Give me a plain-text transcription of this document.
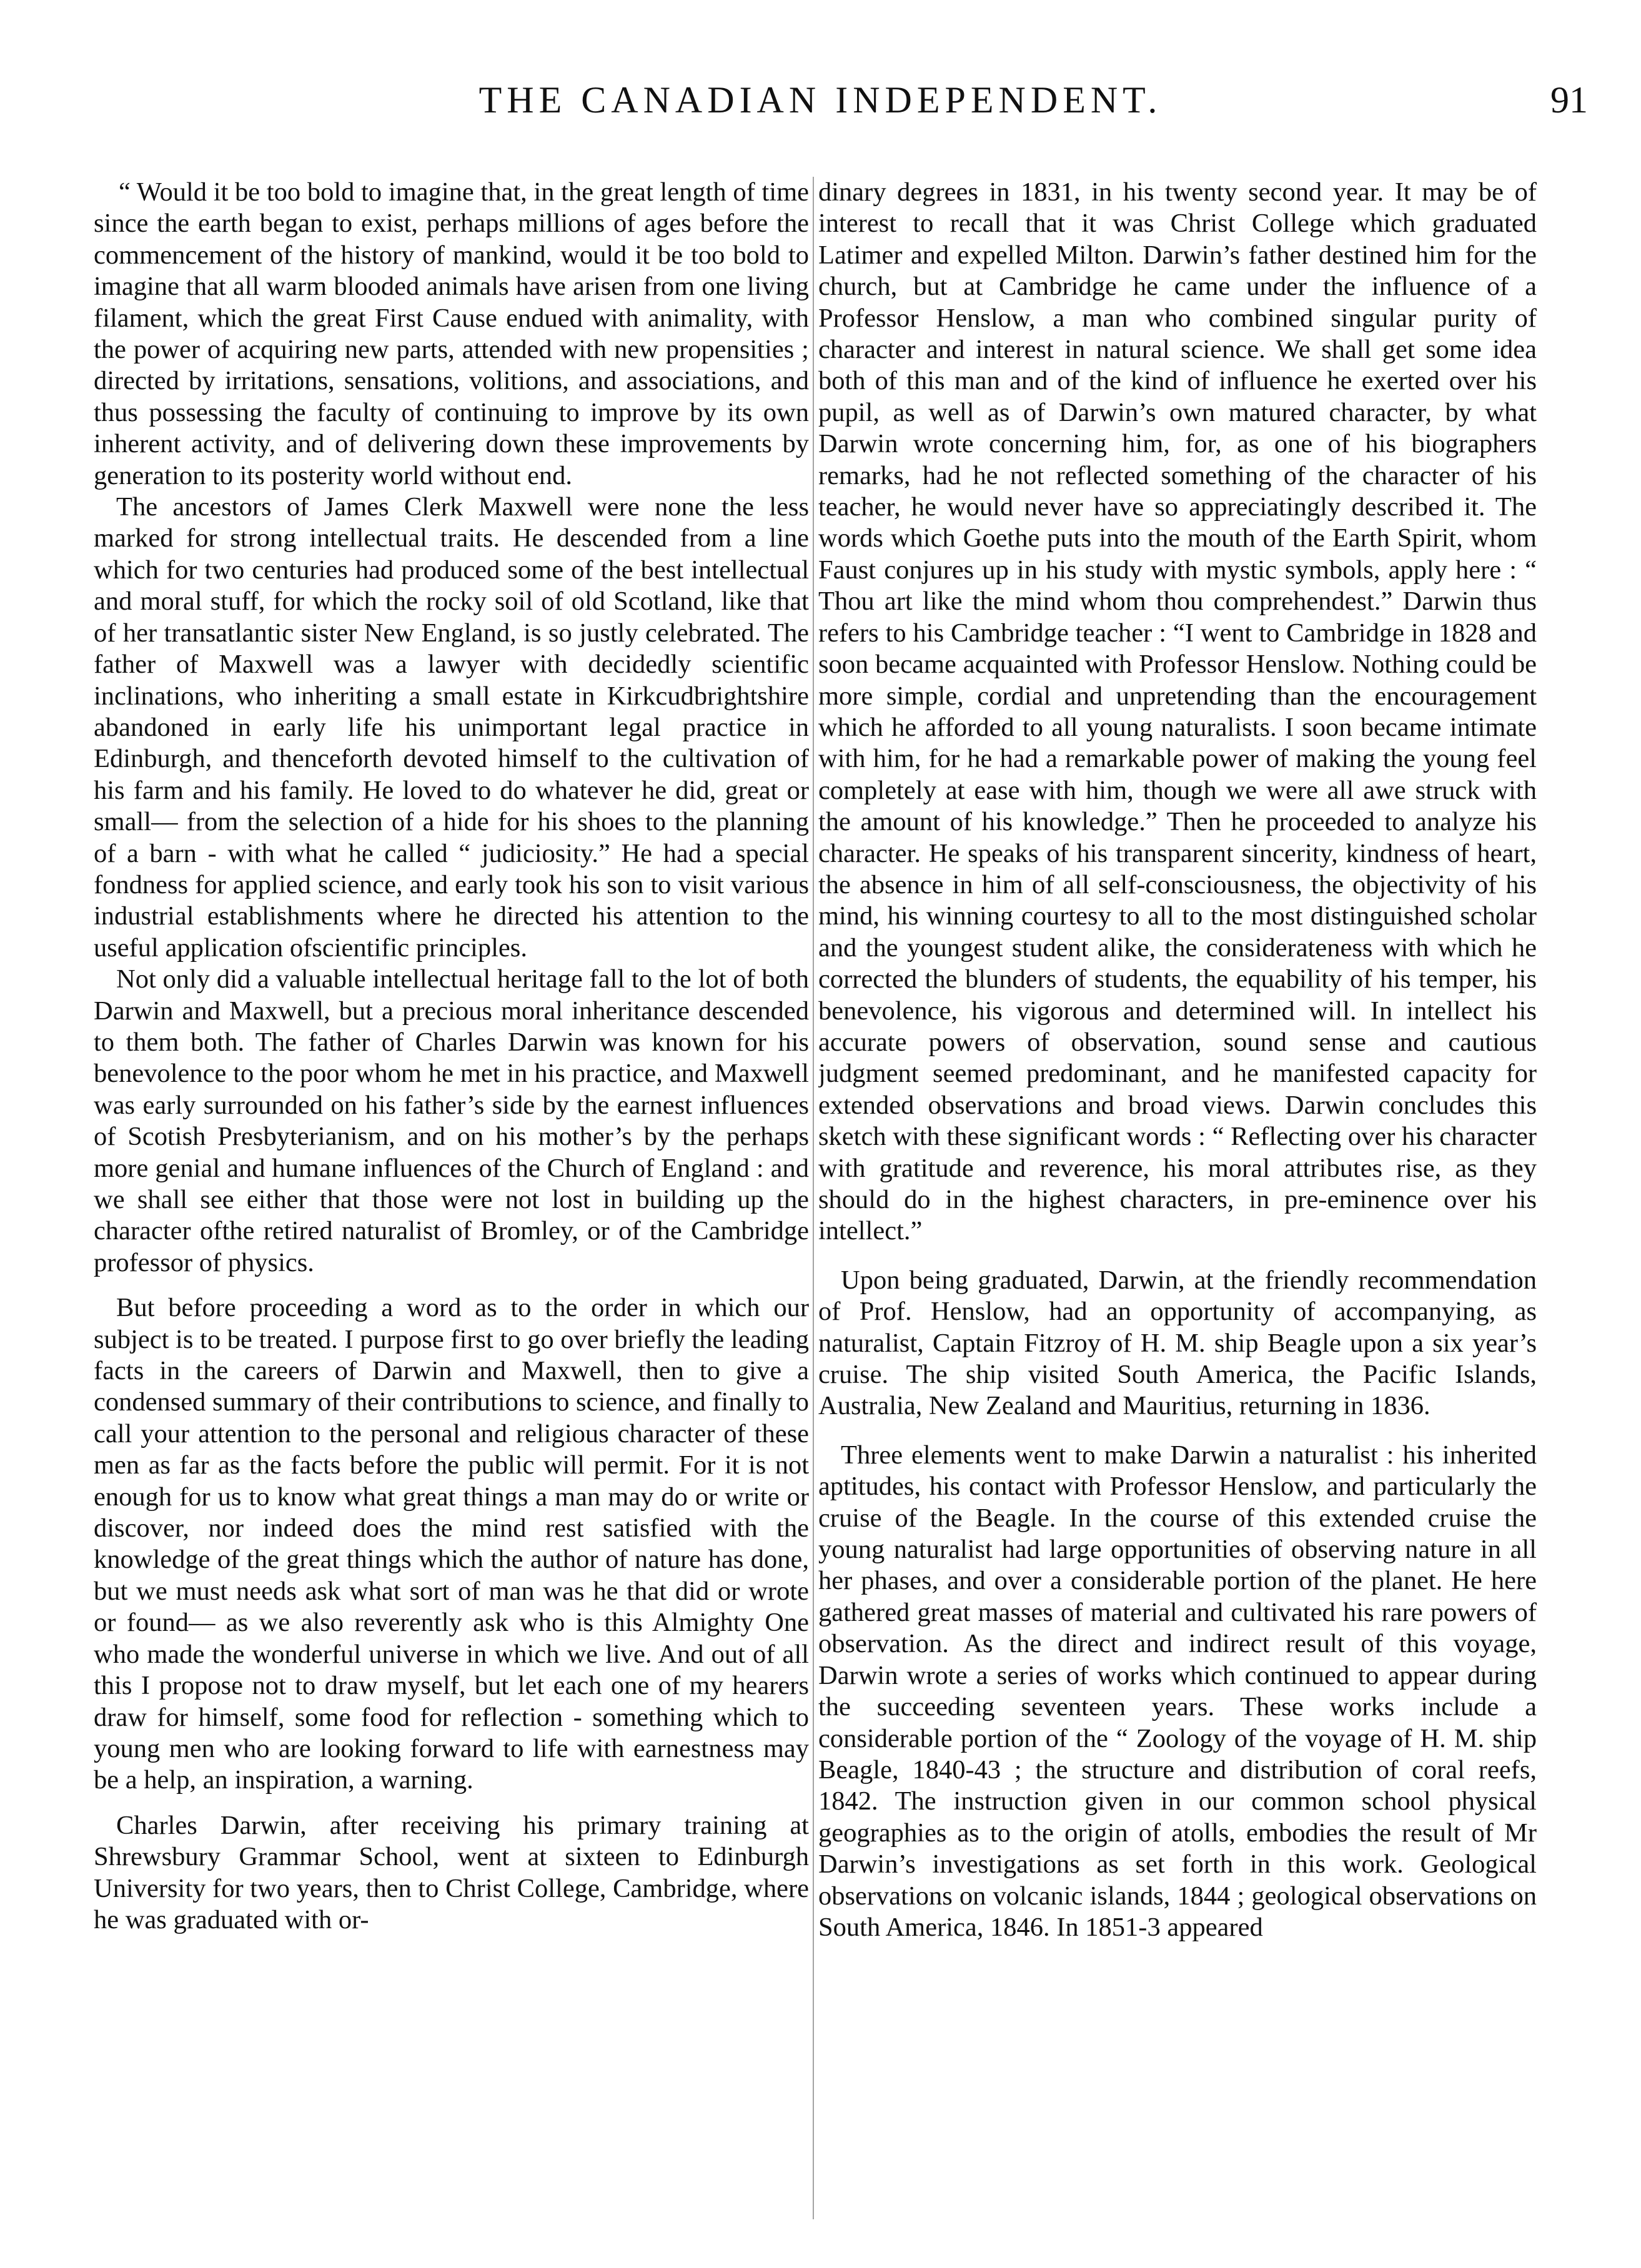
THE CANADIAN INDEPENDENT.	91

“ Would it be too bold to imagine that, in the great length of time since the earth began to exist, perhaps millions of ages before the commencement of the history of mankind, would it be too bold to imagine that all warm blooded animals have arisen from one living filament, which the great First Cause endued with animality, with the power of acquiring new parts, attended with new propensities ; directed by irritations, sensations, volitions, and associations, and thus possessing the faculty of continuing to improve by its own inherent activity, and of delivering down these improvements by generation to its posterity world without end.

The ancestors of James Clerk Maxwell were none the less marked for strong intellectual traits. He descended from a line which for two centuries had produced some of the best intellectual and moral stuff, for which the rocky soil of old Scotland, like that of her transatlantic sister New England, is so justly celebrated. The father of Maxwell was a lawyer with decidedly scientific inclinations, who inheriting a small estate in Kirkcudbrightshire abandoned in early life his unimportant legal practice in Edinburgh, and thenceforth devoted himself to the cultivation of his farm and his family. He loved to do whatever he did, great or small— from the selection of a hide for his shoes to the planning of a barn - with what he called “ judiciosity.” He had a special fondness for applied science, and early took his son to visit various industrial establishments where he directed his attention to the useful application ofscientific principles.

Not only did a valuable intellectual heritage fall to the lot of both Darwin and Maxwell, but a precious moral inheritance descended to them both. The father of Charles Darwin was known for his benevolence to the poor whom he met in his practice, and Maxwell was early surrounded on his father’s side by the earnest influences of Scotish Presbyterianism, and on his mother’s by the perhaps more genial and humane influences of the Church of England : and we shall see either that those were not lost in building up the character ofthe retired naturalist of Bromley, or of the Cambridge professor of physics.

But before proceeding a word as to the order in which our subject is to be treated. I purpose first to go over briefly the leading facts in the careers of Darwin and Maxwell, then to give a condensed summary of their contributions to science, and finally to call your attention to the personal and religious character of these men as far as the facts before the public will permit. For it is not enough for us to know what great things a man may do or write or discover, nor indeed does the mind rest satisfied with the knowledge of the great things which the author of nature has done, but we must needs ask what sort of man was he that did or wrote or found— as we also reverently ask who is this Almighty One who made the wonderful universe in which we live. And out of all this I propose not to draw myself, but let each one of my hearers draw for himself, some food for reflection - something which to young men who are looking forward to life with earnestness may be a help, an inspiration, a warning.

Charles Darwin, after receiving his primary training at Shrewsbury Grammar School, went at sixteen to Edinburgh University for two years, then to Christ College, Cambridge, where he was graduated with or-

dinary degrees in 1831, in his twenty second year. It may be of interest to recall that it was Christ College which graduated Latimer and expelled Milton. Darwin’s father destined him for the church, but at Cambridge he came under the influence of a Professor Henslow, a man who combined singular purity of character and interest in natural science. We shall get some idea both of this man and of the kind of influence he exerted over his pupil, as well as of Darwin’s own matured character, by what Darwin wrote concerning him, for, as one of his biographers remarks, had he not reflected something of the character of his teacher, he would never have so appreciatingly described it. The words which Goethe puts into the mouth of the Earth Spirit, whom Faust conjures up in his study with mystic symbols, apply here : “ Thou art like the mind whom thou comprehendest.” Darwin thus refers to his Cambridge teacher : “I went to Cambridge in 1828 and soon became acquainted with Professor Henslow. Nothing could be more simple, cordial and unpretending than the encouragement which he afforded to all young naturalists. I soon became intimate with him, for he had a remarkable power of making the young feel completely at ease with him, though we were all awe struck with the amount of his knowledge.” Then he proceeded to analyze his character. He speaks of his transparent sincerity, kindness of heart, the absence in him of all self-consciousness, the objectivity of his mind, his winning courtesy to all to the most distinguished scholar and the youngest student alike, the considerateness with which he corrected the blunders of students, the equability of his temper, his benevolence, his vigorous and determined will. In intellect his accurate powers of observation, sound sense and cautious judgment seemed predominant, and he manifested capacity for extended observations and broad views. Darwin concludes this sketch with these significant words : “ Reflecting over his character with gratitude and reverence, his moral attributes rise, as they should do in the highest characters, in pre-eminence over his intellect.”

Upon being graduated, Darwin, at the friendly recommendation of Prof. Henslow, had an opportunity of accompanying, as naturalist, Captain Fitzroy of H. M. ship Beagle upon a six year’s cruise. The ship visited South America, the Pacific Islands, Australia, New Zealand and Mauritius, returning in 1836.

Three elements went to make Darwin a naturalist : his inherited aptitudes, his contact with Professor Henslow, and particularly the cruise of the Beagle. In the course of this extended cruise the young naturalist had large opportunities of observing nature in all her phases, and over a considerable portion of the planet. He here gathered great masses of material and cultivated his rare powers of observation. As the direct and indirect result of this voyage, Darwin wrote a series of works which continued to appear during the succeeding seventeen years. These works include a considerable portion of the “ Zoology of the voyage of H. M. ship Beagle, 1840-43 ; the structure and distribution of coral reefs, 1842. The instruction given in our common school physical geographies as to the origin of atolls, embodies the result of Mr Darwin’s investigations as set forth in this work. Geological observations on volcanic islands, 1844 ; geological observations on South America, 1846. In 1851-3 appeared
